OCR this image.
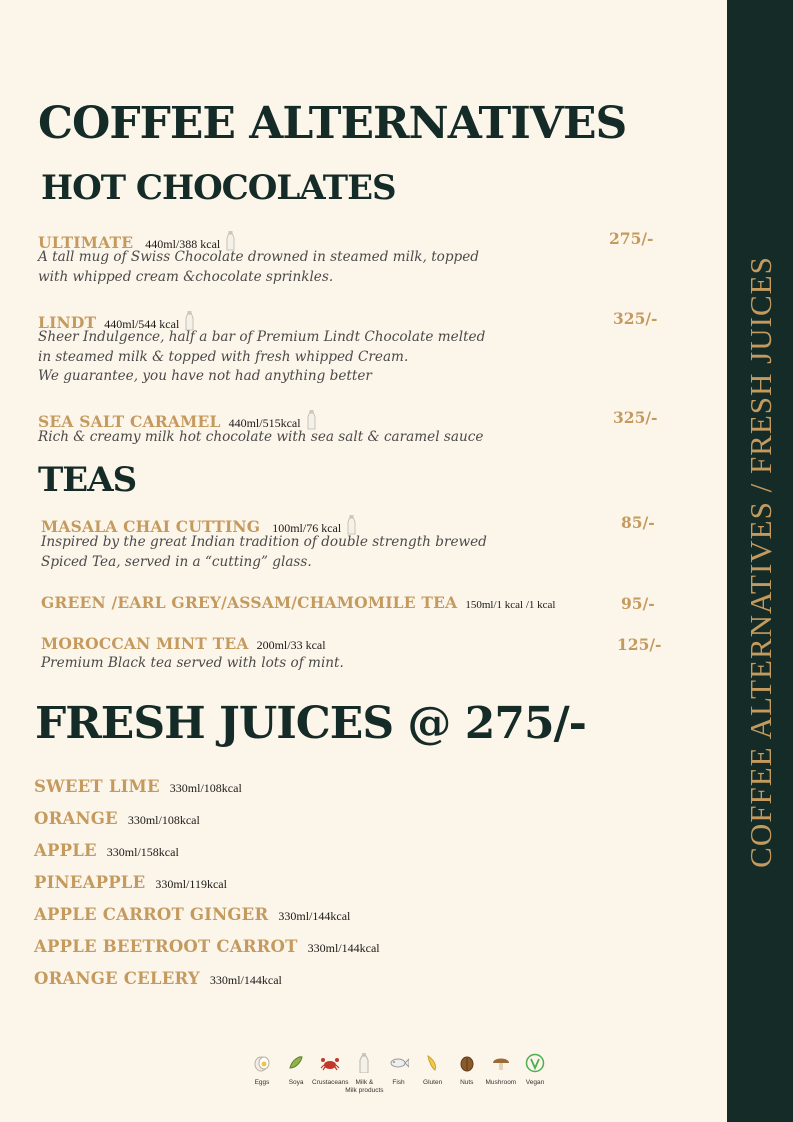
COFFEE ALTERNATIVES / FRESH JUICES
COFFEE ALTERNATIVES
HOT CHOCOLATES
ULTIMATE 440ml/388 kcal	275/-
A tall mug of Swiss Chocolate drowned in steamed milk, topped
with whipped cream &chocolate sprinkles.
LINDT 440ml/544 kcal	325/-
Sheer Indulgence, half a bar of Premium Lindt Chocolate melted
in steamed milk & topped with fresh whipped Cream.
We guarantee, you have not had anything better
SEA SALT CARAMEL 440ml/515kcal	325/-
Rich & creamy milk hot chocolate with sea salt & caramel sauce
TEAS
MASALA CHAI CUTTING 100ml/76 kcal	85/-
Inspired by the great Indian tradition of double strength brewed
Spiced Tea, served in a “cutting” glass.
GREEN /EARL GREY/ASSAM/CHAMOMILE TEA 150ml/1 kcal /1 kcal	95/-
MOROCCAN MINT TEA 200ml/33 kcal	125/-
Premium Black tea served with lots of mint.
FRESH JUICES @ 275/-
SWEET LIME 330ml/108kcal
ORANGE 330ml/108kcal
APPLE 330ml/158kcal
PINEAPPLE 330ml/119kcal
APPLE CARROT GINGER 330ml/144kcal
APPLE BEETROOT CARROT 330ml/144kcal
ORANGE CELERY 330ml/144kcal
Eggs	Soya Crustaceans	Milk &
Milk products
Fish	Gluten	Nuts Mushroom Vegan
